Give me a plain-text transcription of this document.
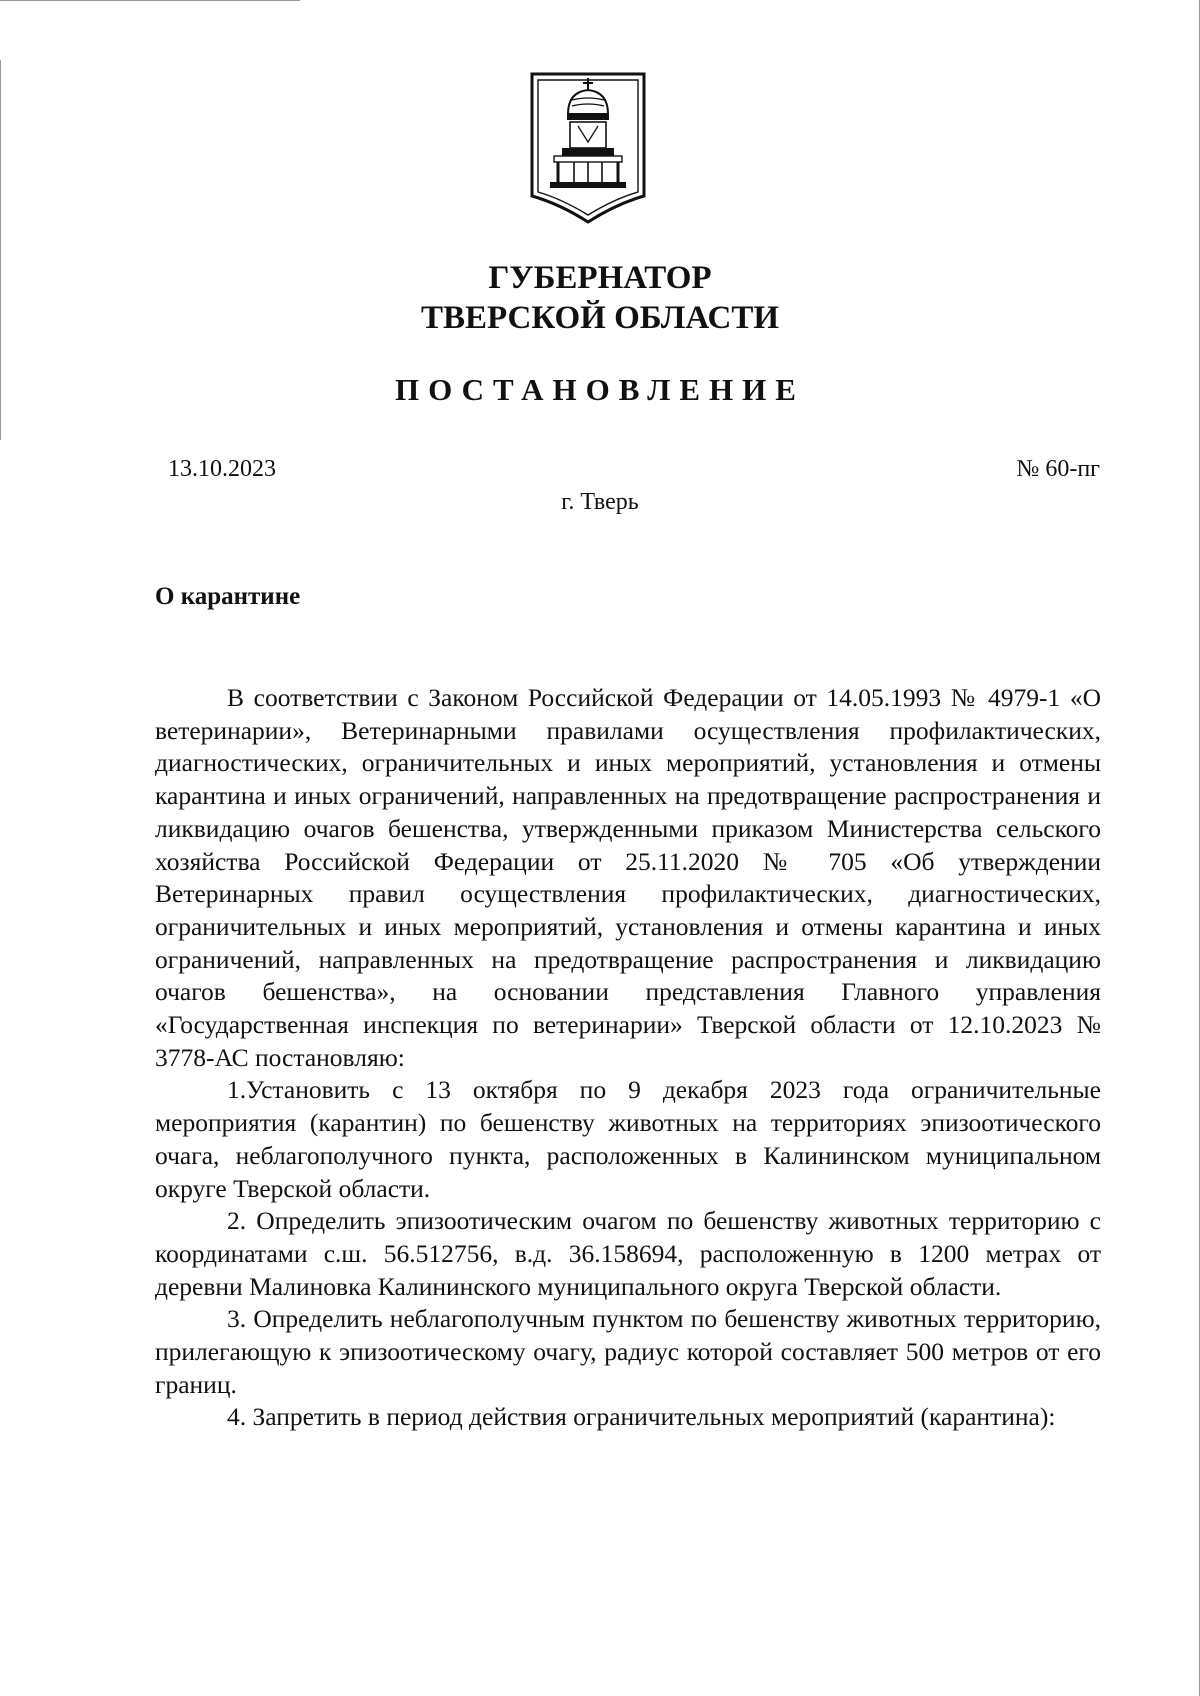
ГУБЕРНАТОР
ТВЕРСКОЙ ОБЛАСТИ
ПОСТАНОВЛЕНИЕ
13.10.2023	№ 60-пг
г. Тверь
О карантине

В соответствии с Законом Российской Федерации от 14.05.1993 № 4979-1 «О ветеринарии», Ветеринарными правилами осуществления профилактических, диагностических, ограничительных и иных мероприятий, установления и отмены карантина и иных ограничений, направленных на предотвращение распространения и ликвидацию очагов бешенства, утвержденными приказом Министерства сельского хозяйства Российской Федерации от 25.11.2020 № 705 «Об утверждении Ветеринарных правил осуществления профилактических, диагностических, ограничительных и иных мероприятий, установления и отмены карантина и иных ограничений, направленных на предотвращение распространения и ликвидацию очагов бешенства», на основании представления Главного управления «Государственная инспекция по ветеринарии» Тверской области от 12.10.2023 № 3778-АС постановляю:

1.Установить с 13 октября по 9 декабря 2023 года ограничительные мероприятия (карантин) по бешенству животных на территориях эпизоотического очага, неблагополучного пункта, расположенных в Калининском муниципальном округе Тверской области.

2. Определить эпизоотическим очагом по бешенству животных территорию с координатами с.ш. 56.512756, в.д. 36.158694, расположенную в 1200 метрах от деревни Малиновка Калининского муниципального округа Тверской области.

3. Определить неблагополучным пунктом по бешенству животных территорию, прилегающую к эпизоотическому очагу, радиус которой составляет 500 метров от его границ.

4. Запретить в период действия ограничительных мероприятий (карантина):
